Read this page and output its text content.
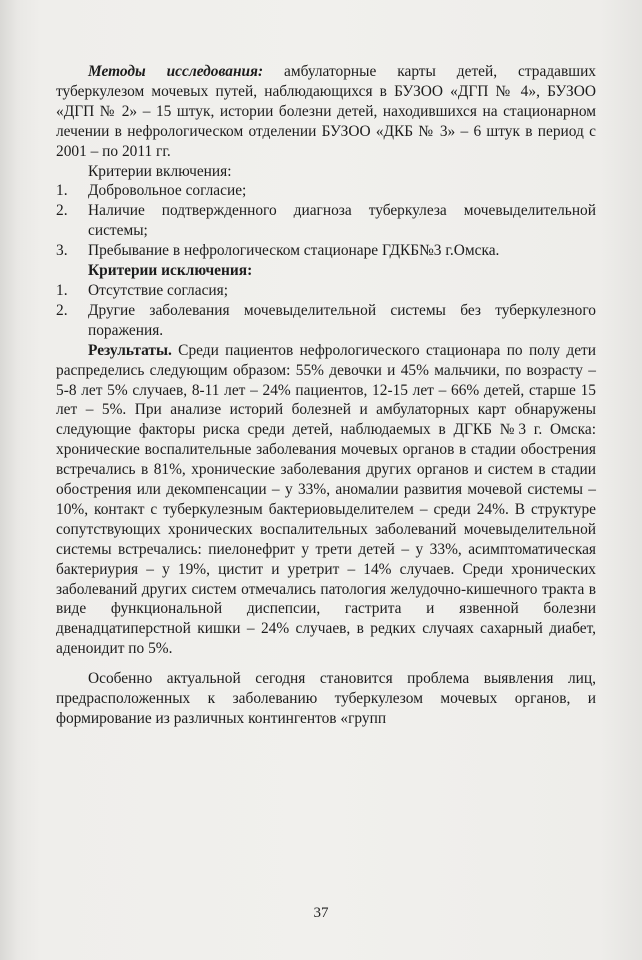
Методы исследования: амбулаторные карты детей, страдавших туберкулезом мочевых путей, наблюдающихся в БУЗОО «ДГП № 4», БУЗОО «ДГП № 2» – 15 штук, истории болезни детей, находившихся на стационарном лечении в нефрологическом отделении БУЗОО «ДКБ № 3» – 6 штук в период с 2001 – по 2011 гг.

Критерии включения:

1. Добровольное согласие;
2. Наличие подтвержденного диагноза туберкулеза мочевыделительной системы;
3. Пребывание в нефрологическом стационаре ГДКБ№3 г.Омска.

Критерии исключения:

1. Отсутствие согласия;
2. Другие заболевания мочевыделительной системы без туберкулезного поражения.

Результаты. Среди пациентов нефрологического стационара по полу дети распределись следующим образом: 55% девочки и 45% мальчики, по возрасту – 5-8 лет 5% случаев, 8-11 лет – 24% пациентов, 12-15 лет – 66% детей, старше 15 лет – 5%. При анализе историй болезней и амбулаторных карт обнаружены следующие факторы риска среди детей, наблюдаемых в ДГКБ №3 г. Омска: хронические воспалительные заболевания мочевых органов в стадии обострения встречались в 81%, хронические заболевания других органов и систем в стадии обострения или декомпенсации – у 33%, аномалии развития мочевой системы – 10%, контакт с туберкулезным бактериовыделителем – среди 24%. В структуре сопутствующих хронических воспалительных заболеваний мочевыделительной системы встречались: пиелонефрит у трети детей – у 33%, асимптоматическая бактериурия – у 19%, цистит и уретрит – 14% случаев. Среди хронических заболеваний других систем отмечались патология желудочно-кишечного тракта в виде функциональной диспепсии, гастрита и язвенной болезни двенадцатиперстной кишки – 24% случаев, в редких случаях сахарный диабет, аденоидит по 5%.

Особенно актуальной сегодня становится проблема выявления лиц, предрасположенных к заболеванию туберкулезом мочевых органов, и формирование из различных контингентов «групп

37
